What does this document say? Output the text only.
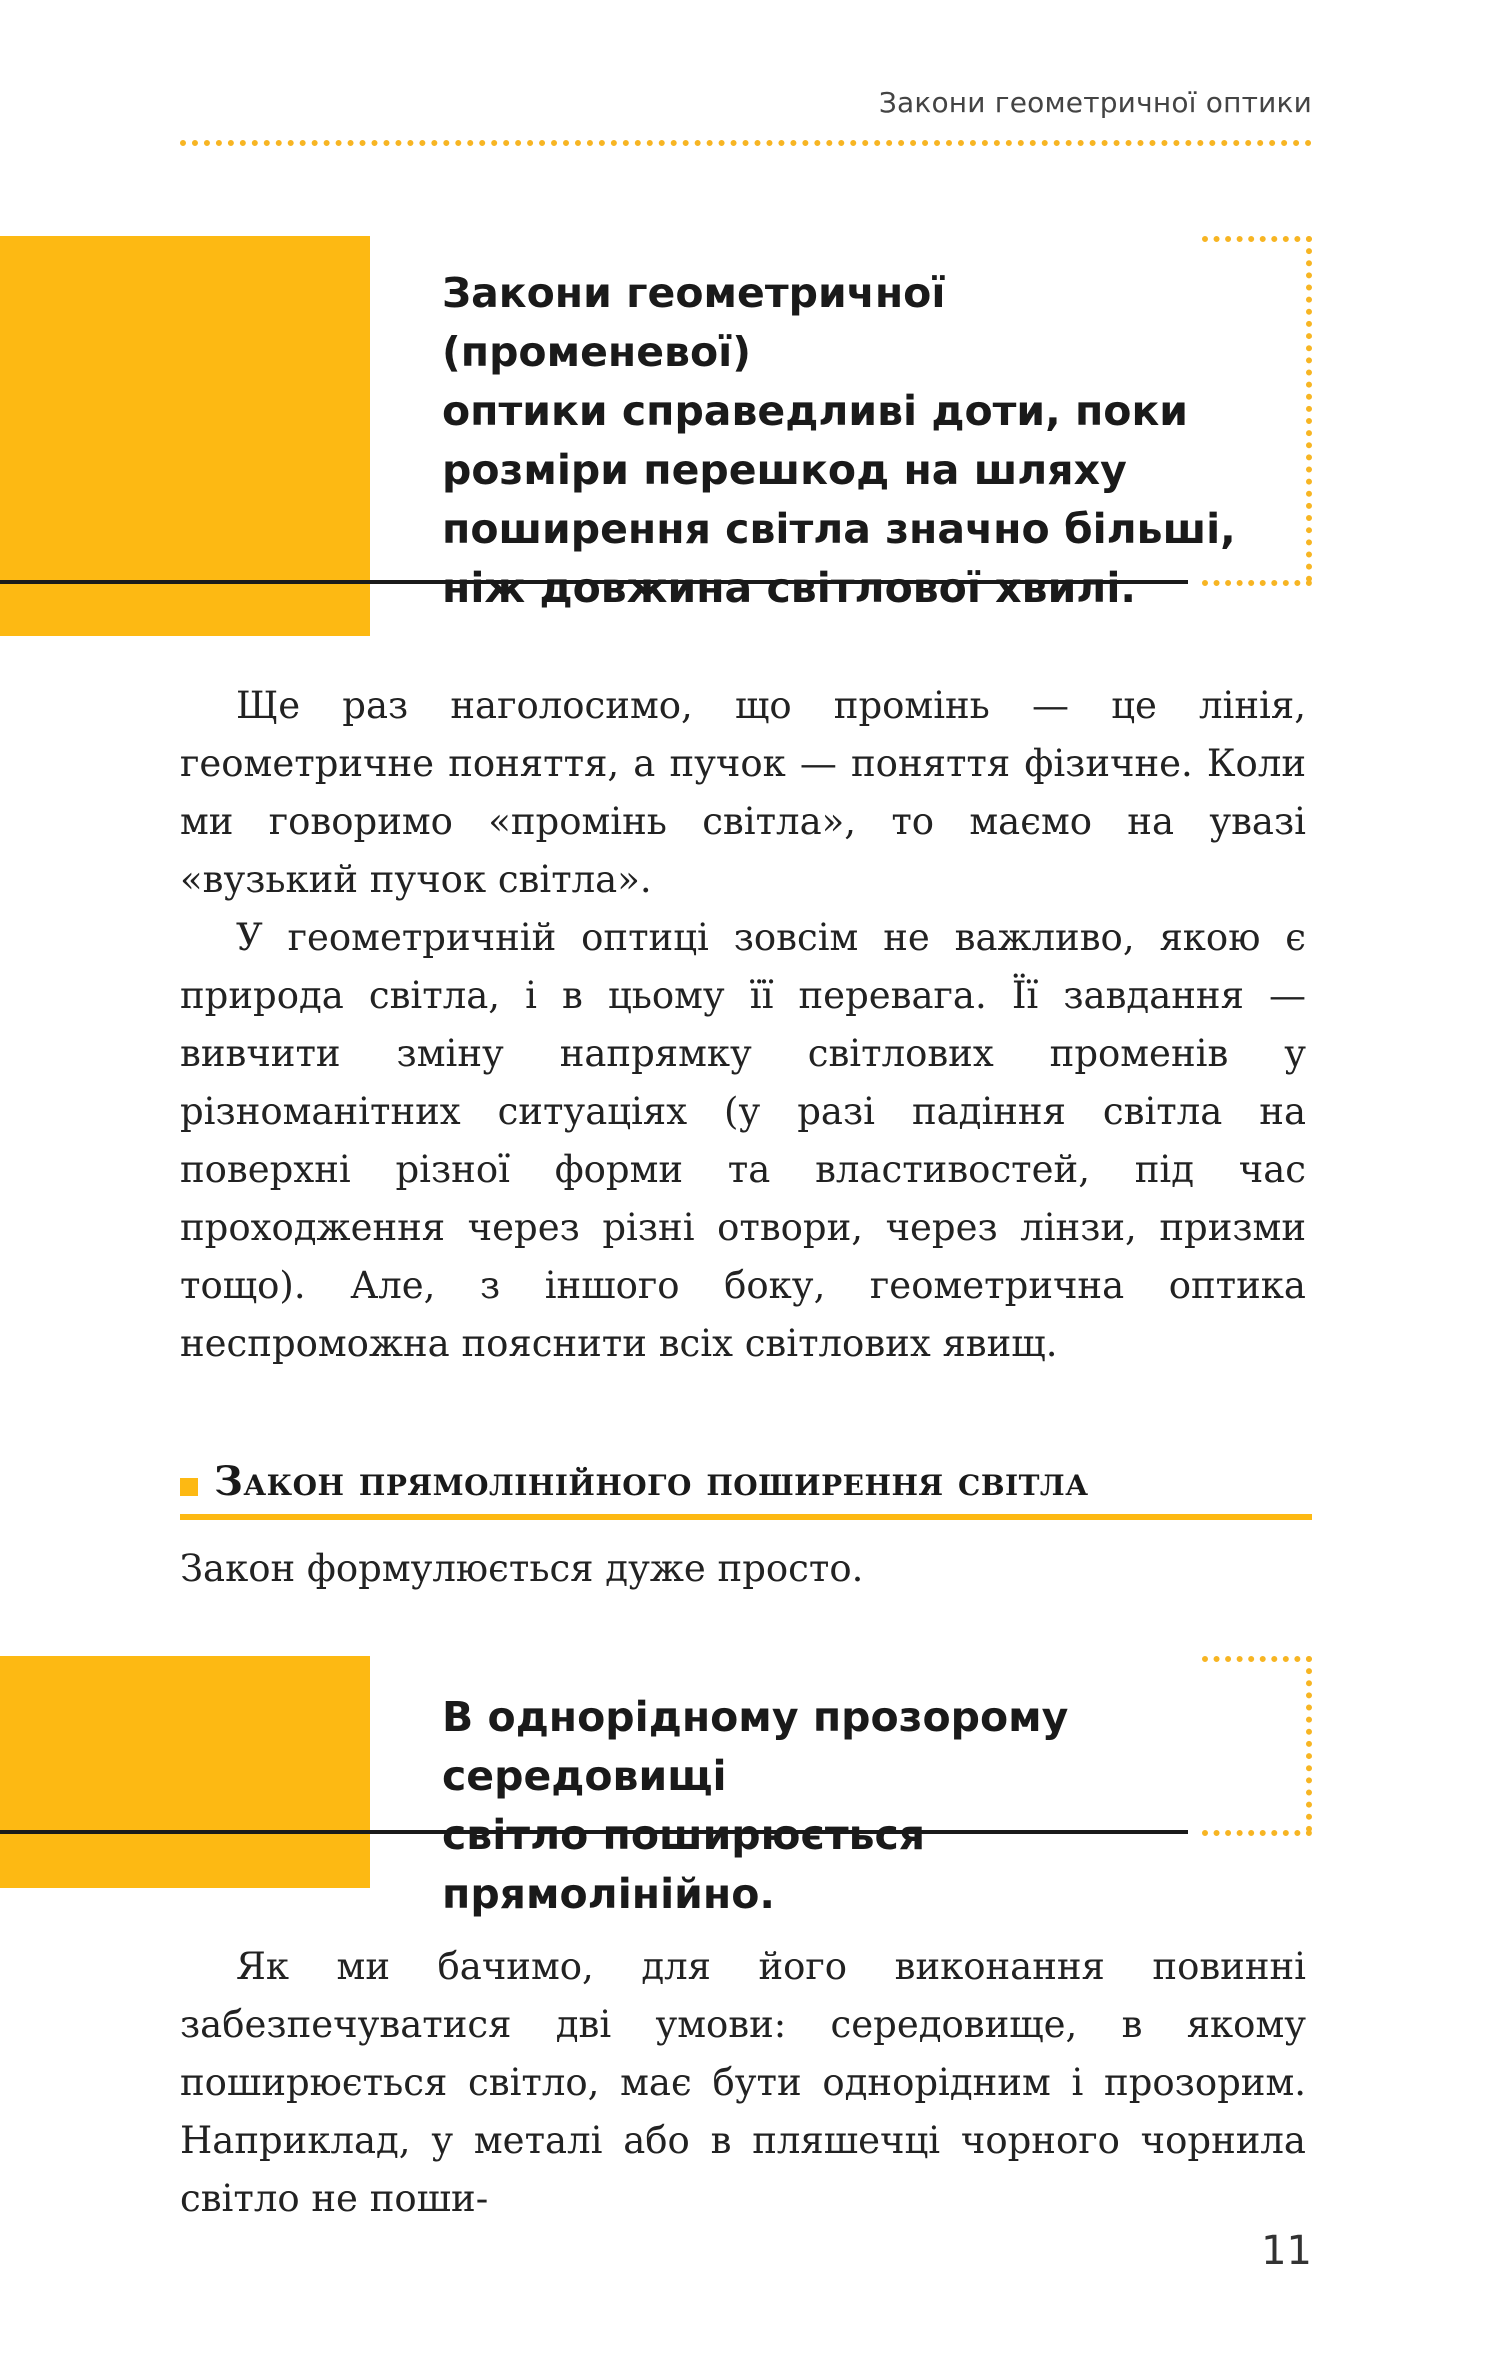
Закони геометричної оптики
Закони геометричної (променевої)
оптики справедливі доти, поки
розміри перешкод на шляху
поширення світла значно більші,
ніж довжина світлової хвилі.

Ще раз наголосимо, що промінь — це лінія, геометричне поняття, а пучок — поняття фізичне. Коли ми говоримо «промінь світла», то маємо на увазі «вузький пучок світла».

У геометричній оптиці зовсім не важливо, якою є природа світла, і в цьому її перевага. Її завдання — вивчити зміну напрямку світлових променів у різноманітних ситуаціях (у разі падіння світла на поверхні різної форми та властивостей, під час проходження через різні отвори, через лінзи, призми тощо). Але, з іншого боку, геометрична оптика неспроможна пояснити всіх світлових явищ.

Закон прямолінійного поширення світла
Закон формулюється дуже просто.
В однорідному прозорому середовищі
світло поширюється прямолінійно.

Як ми бачимо, для його виконання повинні забезпечуватися дві умови: середовище, в якому поширюється світло, має бути однорідним і прозорим. Наприклад, у металі або в пляшечці чорного чорнила світло не поши-

11
